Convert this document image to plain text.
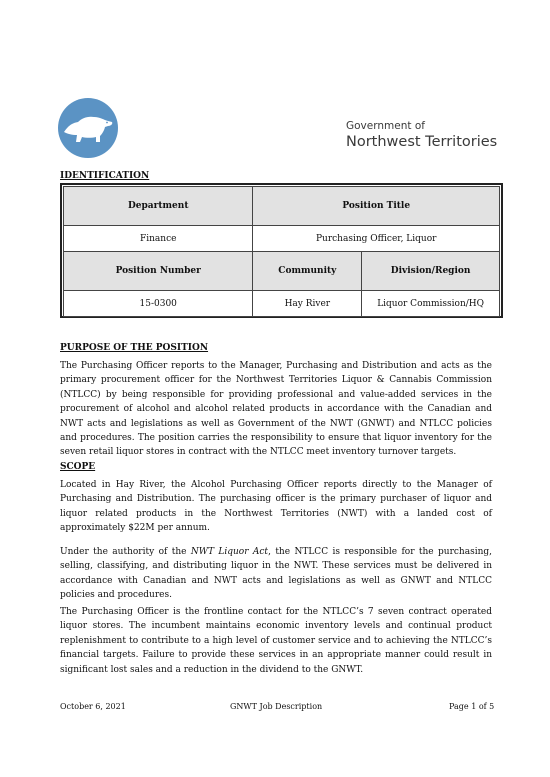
Government of
Northwest Territories
IDENTIFICATION
Department	Position Title	
Finance	Purchasing Officer, Liquor	
Position Number	Community	Division/Region
15-0300	Hay River	Liquor Commission/HQ
PURPOSE OF THE POSITION

The Purchasing Officer reports to the Manager, Purchasing and Distribution and acts as the primary procurement officer for the Northwest Territories Liquor & Cannabis Commission (NTLCC) by being responsible for providing professional and value-added services in the procurement of alcohol and alcohol related products in accordance with the Canadian and NWT acts and legislations as well as Government of the NWT (GNWT) and NTLCC policies and procedures. The position carries the responsibility to ensure that liquor inventory for the seven retail liquor stores in contract with the NTLCC meet inventory turnover targets.

SCOPE

Located in Hay River, the Alcohol Purchasing Officer reports directly to the Manager of Purchasing and Distribution. The purchasing officer is the primary purchaser of liquor and liquor related products in the Northwest Territories (NWT) with a landed cost of approximately $22M per annum.

Under the authority of the NWT Liquor Act, the NTLCC is responsible for the purchasing, selling, classifying, and distributing liquor in the NWT. These services must be delivered in accordance with Canadian and NWT acts and legislations as well as GNWT and NTLCC policies and procedures.

The Purchasing Officer is the frontline contact for the NTLCC’s 7 seven contract operated liquor stores. The incumbent maintains economic inventory levels and continual product replenishment to contribute to a high level of customer service and to achieving the NTLCC’s financial targets. Failure to provide these services in an appropriate manner could result in significant lost sales and a reduction in the dividend to the GNWT.

October 6, 2021	GNWT Job Description	Page 1 of 5
